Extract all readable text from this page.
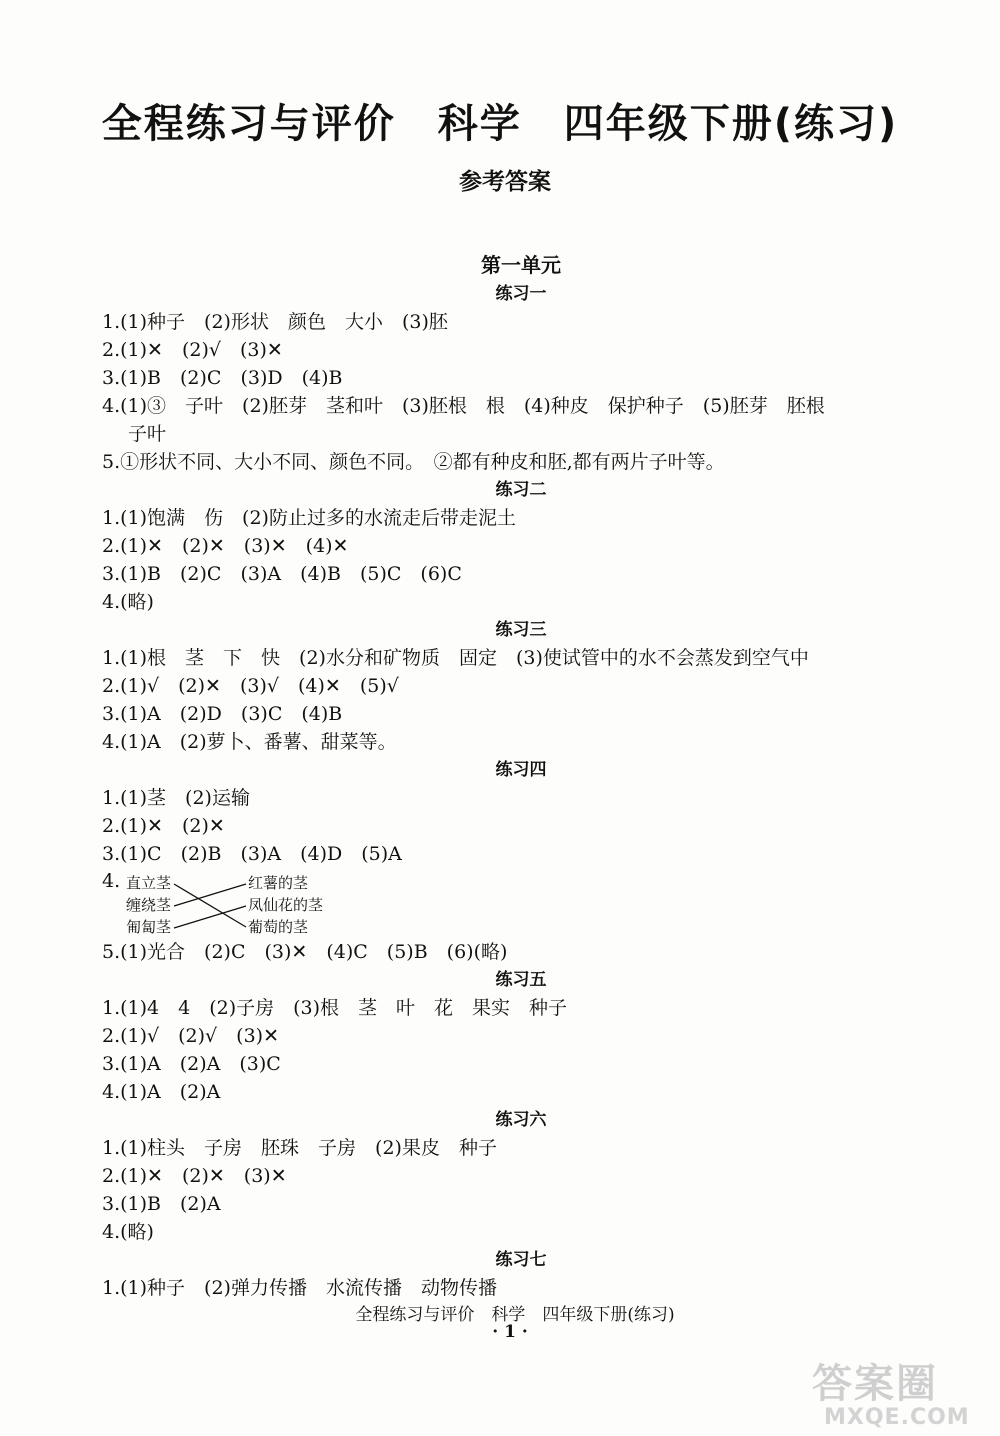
全程练习与评价　科学　四年级下册(练习)
参考答案
第一单元
练习一
1.(1)种子　(2)形状　颜色　大小　(3)胚
2.(1)✕　(2)√　(3)✕
3.(1)B　(2)C　(3)D　(4)B
4.(1)③　子叶　(2)胚芽　茎和叶　(3)胚根　根　(4)种皮　保护种子　(5)胚芽　胚根
子叶
5.①形状不同、大小不同、颜色不同。　②都有种皮和胚,都有两片子叶等。
练习二
1.(1)饱满　伤　(2)防止过多的水流走后带走泥土
2.(1)✕　(2)✕　(3)✕　(4)✕
3.(1)B　(2)C　(3)A　(4)B　(5)C　(6)C
4.(略)
练习三
1.(1)根　茎　下　快　(2)水分和矿物质　固定　(3)使试管中的水不会蒸发到空气中
2.(1)√　(2)✕　(3)√　(4)✕　(5)√
3.(1)A　(2)D　(3)C　(4)B
4.(1)A　(2)萝卜、番薯、甜菜等。
练习四
1.(1)茎　(2)运输
2.(1)✕　(2)✕
3.(1)C　(2)B　(3)A　(4)D　(5)A
4. 直立茎
缠绕茎
匍匐茎
红薯的茎
凤仙花的茎
葡萄的茎
5.(1)光合　(2)C　(3)✕　(4)C　(5)B　(6)(略)
练习五
1.(1)4　4　(2)子房　(3)根　茎　叶　花　果实　种子
2.(1)√　(2)√　(3)✕
3.(1)A　(2)A　(3)C
4.(1)A　(2)A
练习六
1.(1)柱头　子房　胚珠　子房　(2)果皮　种子
2.(1)✕　(2)✕　(3)✕
3.(1)B　(2)A
4.(略)
练习七
1.(1)种子　(2)弹力传播　水流传播　动物传播
全程练习与评价　科学　四年级下册(练习)
· 1 ·
答案圈
MXQE.COM
